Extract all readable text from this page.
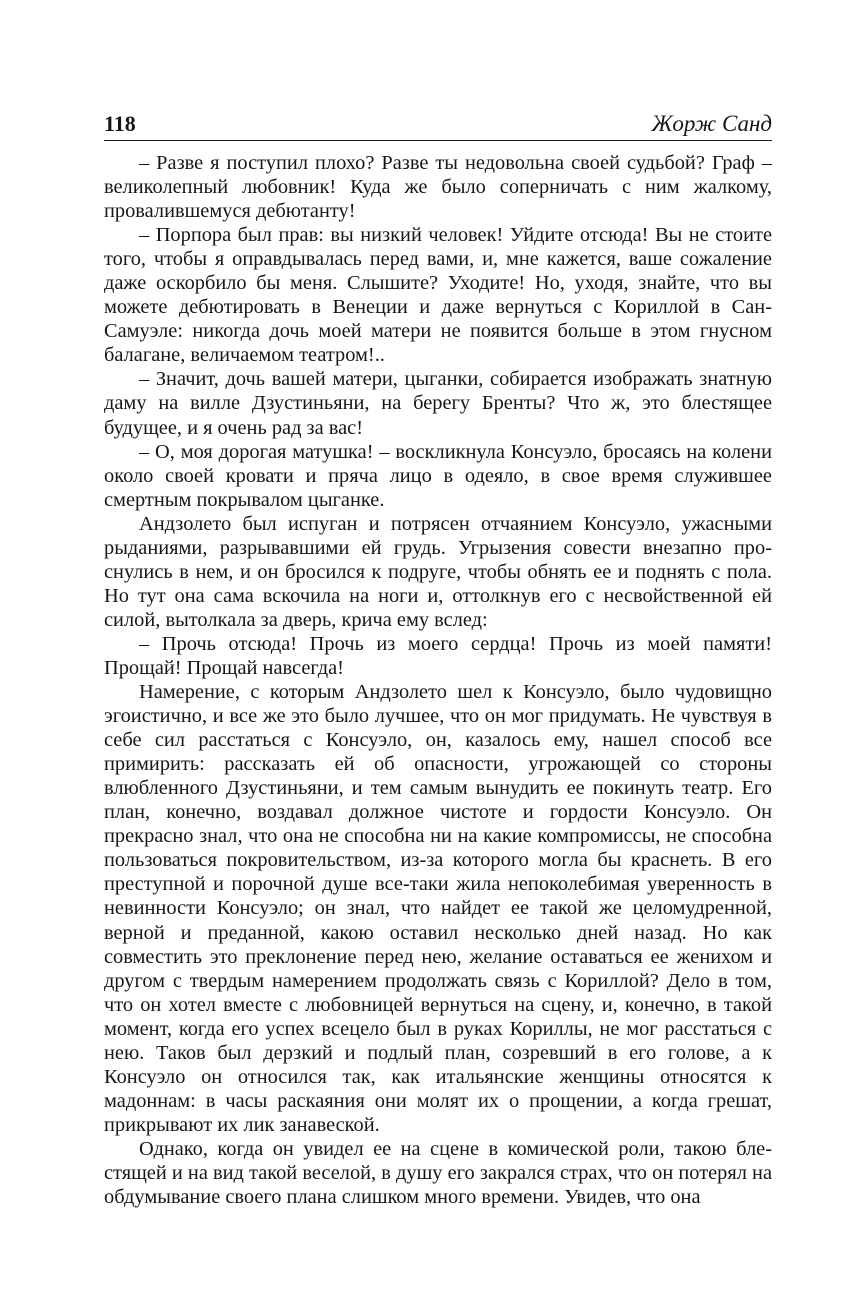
118	Жорж Санд

– Разве я поступил плохо? Разве ты недовольна своей судьбой? Граф – великолепный любовник! Куда же было соперничать с ним жалкому, провалившемуся дебютанту!

– Порпора был прав: вы низкий человек! Уйдите отсюда! Вы не стоите того, чтобы я оправдывалась перед вами, и, мне кажется, ваше сожаление даже оскорбило бы меня. Слышите? Уходите! Но, уходя, знайте, что вы можете дебютировать в Венеции и даже вернуться с Кориллой в Сан-Самуэле: никогда дочь моей матери не появится больше в этом гнусном балагане, величаемом театром!..

– Значит, дочь вашей матери, цыганки, собирается изображать знатную даму на вилле Дзустиньяни, на берегу Бренты? Что ж, это блестящее будущее, и я очень рад за вас!

– О, моя дорогая матушка! – воскликнула Консуэло, бросаясь на колени около своей кровати и пряча лицо в одеяло, в свое время служившее смертным покрывалом цыганке.

Андзолето был испуган и потрясен отчаянием Консуэло, ужасными рыданиями, разрывавшими ей грудь. Угрызения совести внезапно проснулись в нем, и он бросился к подруге, чтобы обнять ее и поднять с пола. Но тут она сама вскочила на ноги и, оттолкнув его с несвойственной ей силой, вытолкала за дверь, крича ему вслед:

– Прочь отсюда! Прочь из моего сердца! Прочь из моей памяти! Прощай! Прощай навсегда!

Намерение, с которым Андзолето шел к Консуэло, было чудовищно эгоистично, и все же это было лучшее, что он мог придумать. Не чувствуя в себе сил расстаться с Консуэло, он, казалось ему, нашел способ все примирить: рассказать ей об опасности, угрожающей со стороны влюбленного Дзустиньяни, и тем самым вынудить ее покинуть театр. Его план, конечно, воздавал должное чистоте и гордости Консуэло. Он прекрасно знал, что она не способна ни на какие компромиссы, не способна пользоваться покровительством, из-за которого могла бы краснеть. В его преступной и порочной душе все-таки жила непоколебимая уверенность в невинности Консуэло; он знал, что найдет ее такой же целомудренной, верной и преданной, какою оставил несколько дней назад. Но как совместить это преклонение перед нею, желание оставаться ее женихом и другом с твердым намерением продолжать связь с Кориллой? Дело в том, что он хотел вместе с любовницей вернуться на сцену, и, конечно, в такой момент, когда его успех всецело был в руках Кориллы, не мог расстаться с нею. Таков был дерзкий и подлый план, созревший в его голове, а к Консуэло он относился так, как итальянские женщины относятся к мадоннам: в часы раскаяния они молят их о прощении, а когда грешат, прикрывают их лик занавеской.

Однако, когда он увидел ее на сцене в комической роли, такою блестящей и на вид такой веселой, в душу его закрался страх, что он потерял на обдумывание своего плана слишком много времени. Увидев, что она
